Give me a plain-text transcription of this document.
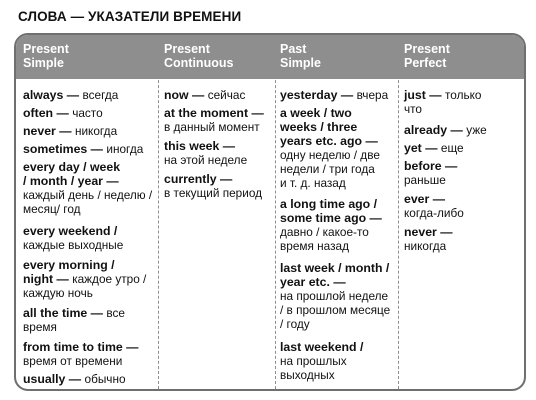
СЛОВА — УКАЗАТЕЛИ ВРЕМЕНИ
Present
Simple
Present
Continuous
Past
Simple
Present
Perfect
always — всегда
often — часто
never — никогда
sometimes — иногда
every day / week
/ month / year —
каждый день / неделю /
месяц/ год
every weekend /
каждые выходные
every morning /
night — каждое утро /
каждую ночь
all the time — все
время
from time to time —
время от времени
usually — обычно
now — сейчас
at the moment —
в данный момент
this week —
на этой неделе
currently —
в текущий период
yesterday — вчера
a week / two
weeks / three
years etc. ago —
одну неделю / две
недели / три года
и т. д. назад
a long time ago /
some time ago —
давно / какое-то
время назад
last week / month /
year etc. —
на прошлой неделе
/ в прошлом месяце
/ году
last weekend /
на прошлых
выходных
just — только
что
already — уже
yet — еще
before —
раньше
ever —
когда-либо
never —
никогда
